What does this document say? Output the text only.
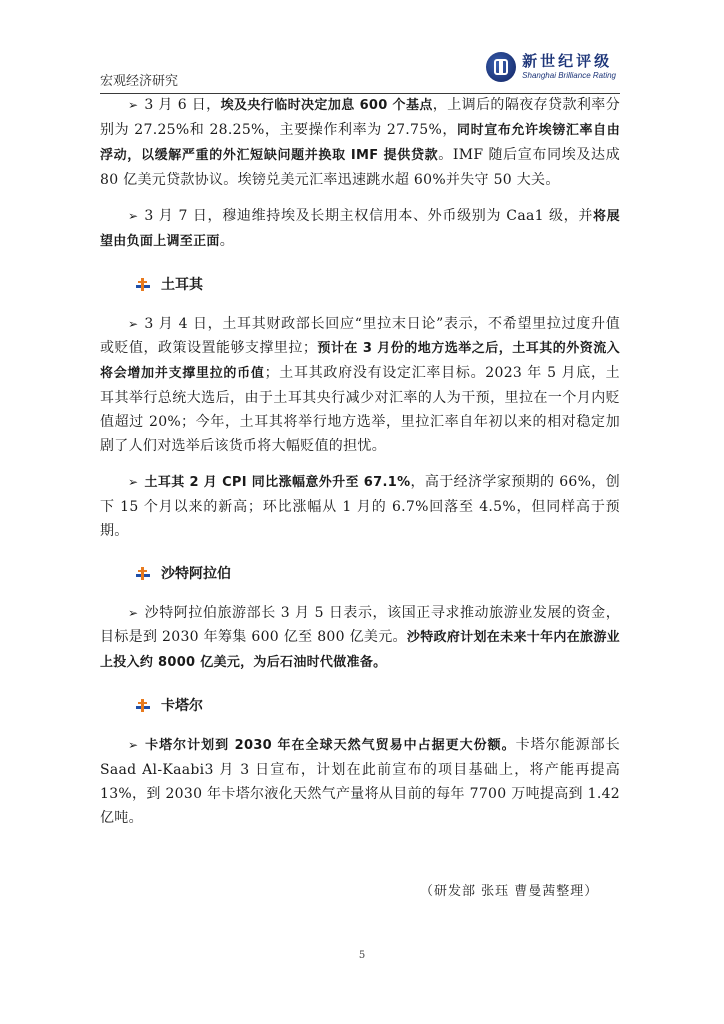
宏观经济研究
新世纪评级
Shanghai Brilliance Rating

➢ 3 月 6 日，埃及央行临时决定加息 600 个基点，上调后的隔夜存贷款利率分别为 27.25%和 28.25%，主要操作利率为 27.75%，同时宣布允许埃镑汇率自由浮动，以缓解严重的外汇短缺问题并换取 IMF 提供贷款。IMF 随后宣布同埃及达成 80 亿美元贷款协议。埃镑兑美元汇率迅速跳水超 60%并失守 50 大关。

➢ 3 月 7 日，穆迪维持埃及长期主权信用本、外币级别为 Caa1 级，并将展望由负面上调至正面。

土耳其

➢ 3 月 4 日，土耳其财政部长回应“里拉末日论”表示，不希望里拉过度升值或贬值，政策设置能够支撑里拉；预计在 3 月份的地方选举之后，土耳其的外资流入将会增加并支撑里拉的币值；土耳其政府没有设定汇率目标。2023 年 5 月底，土耳其举行总统大选后，由于土耳其央行减少对汇率的人为干预，里拉在一个月内贬值超过 20%；今年，土耳其将举行地方选举，里拉汇率自年初以来的相对稳定加剧了人们对选举后该货币将大幅贬值的担忧。

➢ 土耳其 2 月 CPI 同比涨幅意外升至 67.1%，高于经济学家预期的 66%，创下 15 个月以来的新高；环比涨幅从 1 月的 6.7%回落至 4.5%，但同样高于预期。

沙特阿拉伯

➢ 沙特阿拉伯旅游部长 3 月 5 日表示，该国正寻求推动旅游业发展的资金，目标是到 2030 年筹集 600 亿至 800 亿美元。沙特政府计划在未来十年内在旅游业上投入约 8000 亿美元，为后石油时代做准备。

卡塔尔

➢ 卡塔尔计划到 2030 年在全球天然气贸易中占据更大份额。卡塔尔能源部长 Saad Al-Kaabi3 月 3 日宣布，计划在此前宣布的项目基础上，将产能再提高 13%，到 2030 年卡塔尔液化天然气产量将从目前的每年 7700 万吨提高到 1.42 亿吨。

（研发部 张珏 曹曼茜整理）
5
